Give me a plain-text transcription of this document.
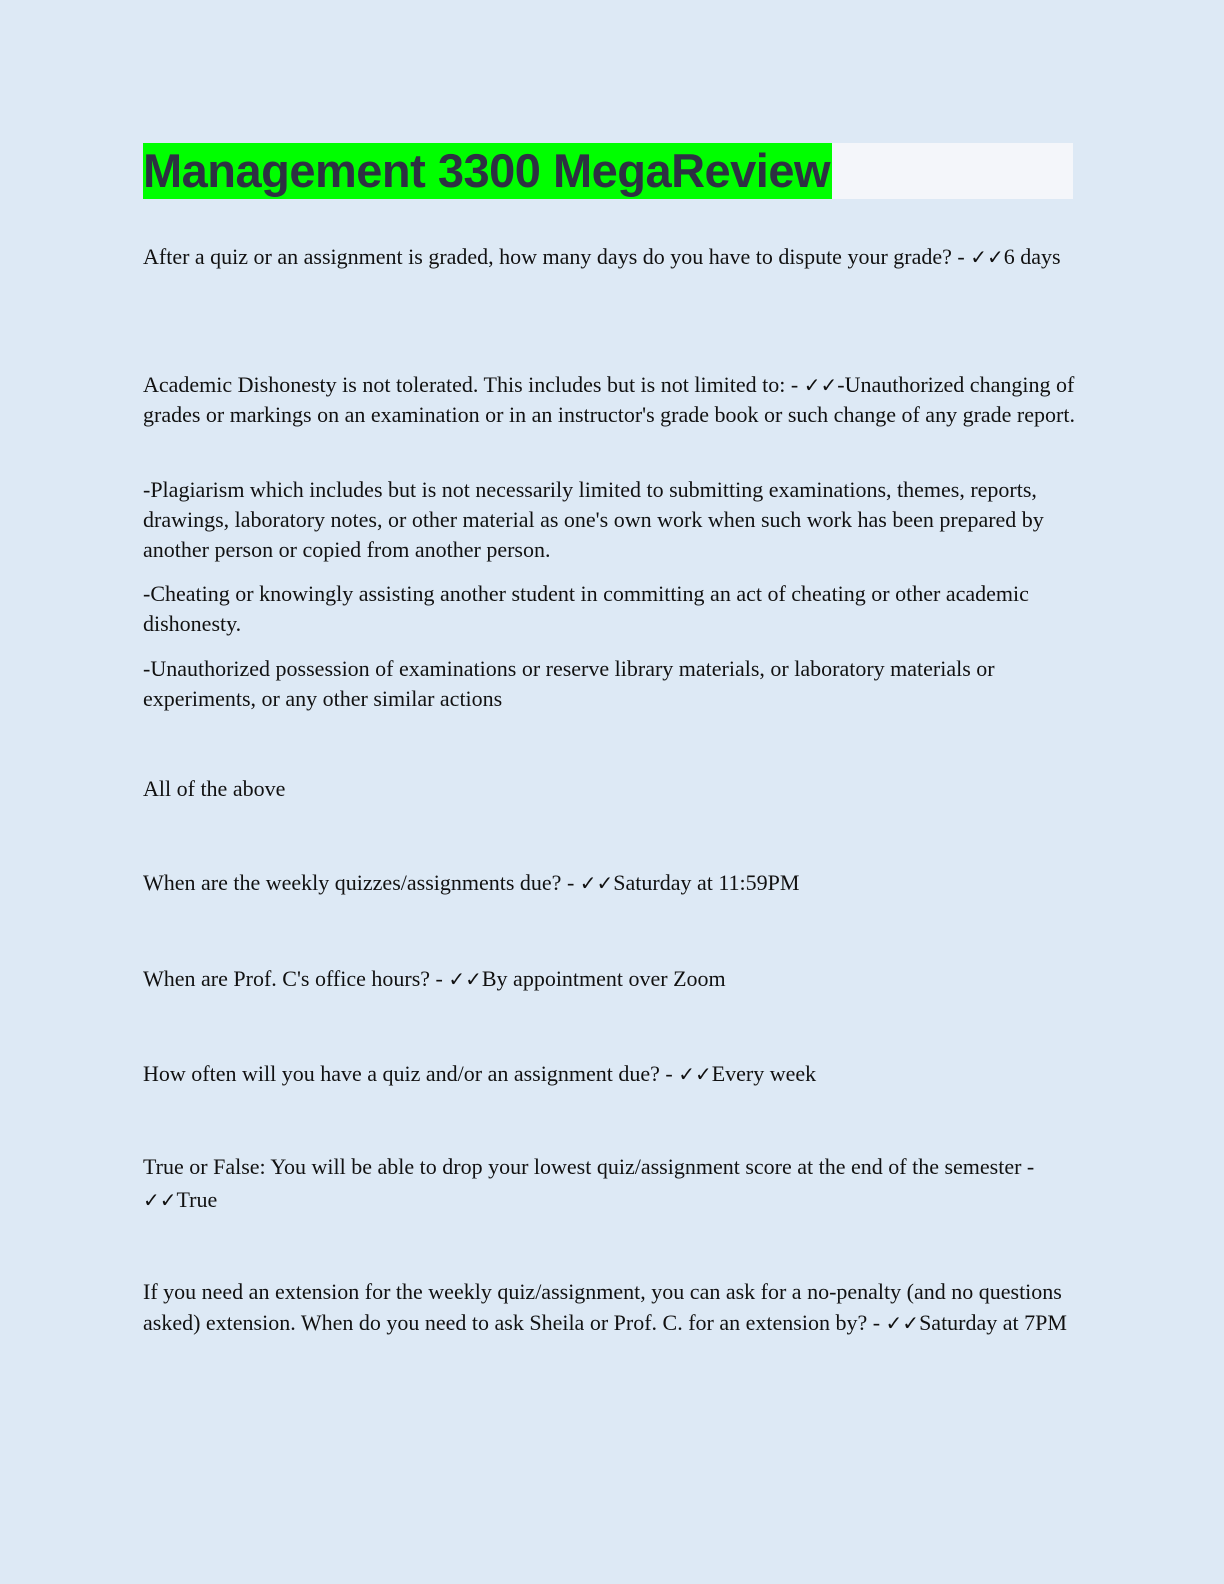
Management 3300 MegaReview
After a quiz or an assignment is graded, how many days do you have to dispute your grade? - ✓✓6 days
Academic Dishonesty is not tolerated. This includes but is not limited to: - ✓✓-Unauthorized changing of grades or markings on an examination or in an instructor's grade book or such change of any grade report.
-Plagiarism which includes but is not necessarily limited to submitting examinations, themes, reports, drawings, laboratory notes, or other material as one's own work when such work has been prepared by another person or copied from another person.
-Cheating or knowingly assisting another student in committing an act of cheating or other academic dishonesty.
-Unauthorized possession of examinations or reserve library materials, or laboratory materials or experiments, or any other similar actions
All of the above
When are the weekly quizzes/assignments due? - ✓✓Saturday at 11:59PM
When are Prof. C's office hours? - ✓✓By appointment over Zoom
How often will you have a quiz and/or an assignment due? - ✓✓Every week
True or False: You will be able to drop your lowest quiz/assignment score at the end of the semester - ✓✓True
If you need an extension for the weekly quiz/assignment, you can ask for a no-penalty (and no questions asked) extension. When do you need to ask Sheila or Prof. C. for an extension by? - ✓✓Saturday at 7PM
